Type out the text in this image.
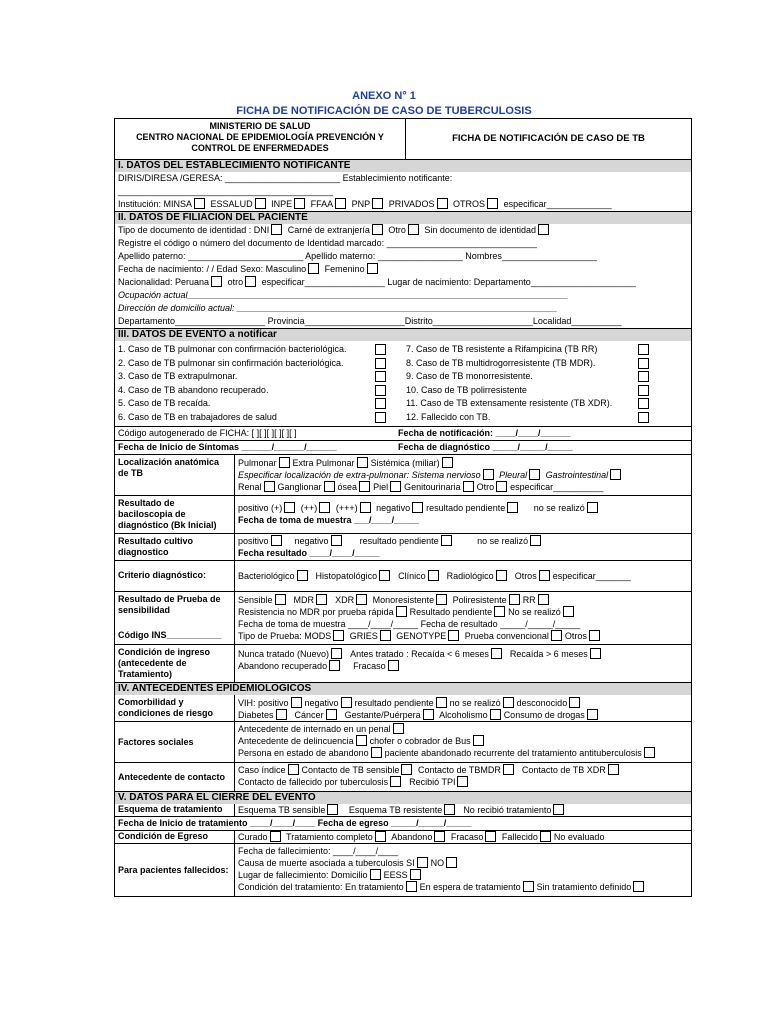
ANEXO N° 1
FICHA DE NOTIFICACIÓN DE CASO DE TUBERCULOSIS
MINISTERIO DE SALUD
CENTRO NACIONAL DE EPIDEMIOLOGÍA PREVENCIÓN Y
CONTROL DE ENFERMEDADES
FICHA DE NOTIFICACIÓN DE CASO DE TB
I. DATOS DEL ESTABLECIMIENTO NOTIFICANTE
DIRIS/DIRESA /GERESA: _______________________ Establecimiento notificante:
___________________________________________
Institución: MINSA ESSALUD INPE FFAA PNP PRIVADOS OTROS especificar_____________
II. DATOS DE FILIACION DEL PACIENTE
Tipo de documento de identidad : DNI Carné de extranjería Otro Sin documento de identidad
Registre el código o número del documento de Identidad marcado: ______________________________
Apellido paterno: _______________________ Apellido materno: _________________ Nombres___________________
Fecha de nacimiento: / / Edad Sexo: Masculino Femenino
Nacionalidad: Peruana otro especificar________________ Lugar de nacimiento: Departamento_____________________
Ocupación actual____________________________________________________________________________
Dirección de domicilio actual: ________________________________________________________________
Departamento__________________ Provincia____________________Distrito____________________Localidad__________
III. DATOS DE EVENTO a notificar
1. Caso de TB pulmonar con confirmación bacteriológica.
2. Caso de TB pulmonar sin confirmación bacteriológica.
3. Caso de TB extrapulmonar.
4. Caso de TB abandono recuperado.
5. Caso de TB recaída.
6. Caso de TB en trabajadores de salud
7. Caso de TB resistente a Rifampicina (TB RR)
8. Caso de TB multidrogorresistente (TB MDR).
9. Caso de TB monorresistente.
10. Caso de TB polirresistente
11. Caso de TB extensamente resistente (TB XDR).
12. Fallecido con TB.
Código autogenerado de FICHA: [ ][ ][ ][ ][ ][ ]	Fecha de notificación: ____/____/______
Fecha de Inicio de Síntomas ______/______/______	Fecha de diagnóstico _____/_____/_____
Localización anatómica de TB
Pulmonar Extra Pulmonar Sistémica (miliar)
Especificar localización de extra-pulmonar: Sistema nervioso Pleural Gastrointestinal
Renal Ganglionar ósea Piel Genitourinaria Otro especificar__________
Resultado de baciloscopia de diagnóstico (Bk Inicial)
positivo (+) (++) (+++) negativo resultado pendiente	no se realizó
Fecha de toma de muestra ___/____/_____
Resultado cultivo diagnostico
positivo	negativo	resultado pendiente	no se realizó
Fecha resultado ____/____/_____
Criterio diagnóstico:	Bacteriológico Histopatológico Clínico Radiológico Otros especificar_______
Resultado de Prueba de sensibilidad
Código INS___________
Sensible MDR XDR Monoresistente Poliresistente RR
Resistencia no MDR por prueba rápida Resultado pendiente No se realizó
Fecha de toma de muestra ____/____/_____ Fecha de resultado _____/_____/_____
Tipo de Prueba: MODS GRIES GENOTYPE Prueba convencional Otros
Condición de ingreso (antecedente de Tratamiento)
Nunca tratado (Nuevo) Antes tratado : Recaída < 6 meses Recaída > 6 meses
Abandono recuperado	Fracaso
IV. ANTECEDENTES EPIDEMIOLOGICOS
Comorbilidad y condiciones de riesgo
VIH: positivo negativo resultado pendiente no se realizó desconocido
Diabetes Cáncer Gestante/Puérpera Alcoholismo Consumo de drogas
Factores sociales
Antecedente de internado en un penal
Antecedente de delincuencia chofer o cobrador de Bus
Persona en estado de abandono paciente abandonado recurrente del tratamiento antituberculosis
Antecedente de contacto
Caso índice Contacto de TB sensible Contacto de TBMDR Contacto de TB XDR
Contacto de fallecido por tuberculosis Recibió TPI
V. DATOS PARA EL CIERRE DEL EVENTO
Esquema de tratamiento	Esquema TB sensible	Esquema TB resistente No recibió tratamiento
Fecha de Inicio de tratamiento ____/____/____ Fecha de egreso _____/_____/_____
Condición de Egreso	Curado Tratamiento completo Abandono Fracaso Fallecido No evaluado
Para pacientes fallecidos:
Fecha de fallecimiento: ____/____/____
Causa de muerte asociada a tuberculosis SI NO
Lugar de fallecimiento: Domicilio EESS
Condición del tratamiento: En tratamiento En espera de tratamiento Sin tratamiento definido
